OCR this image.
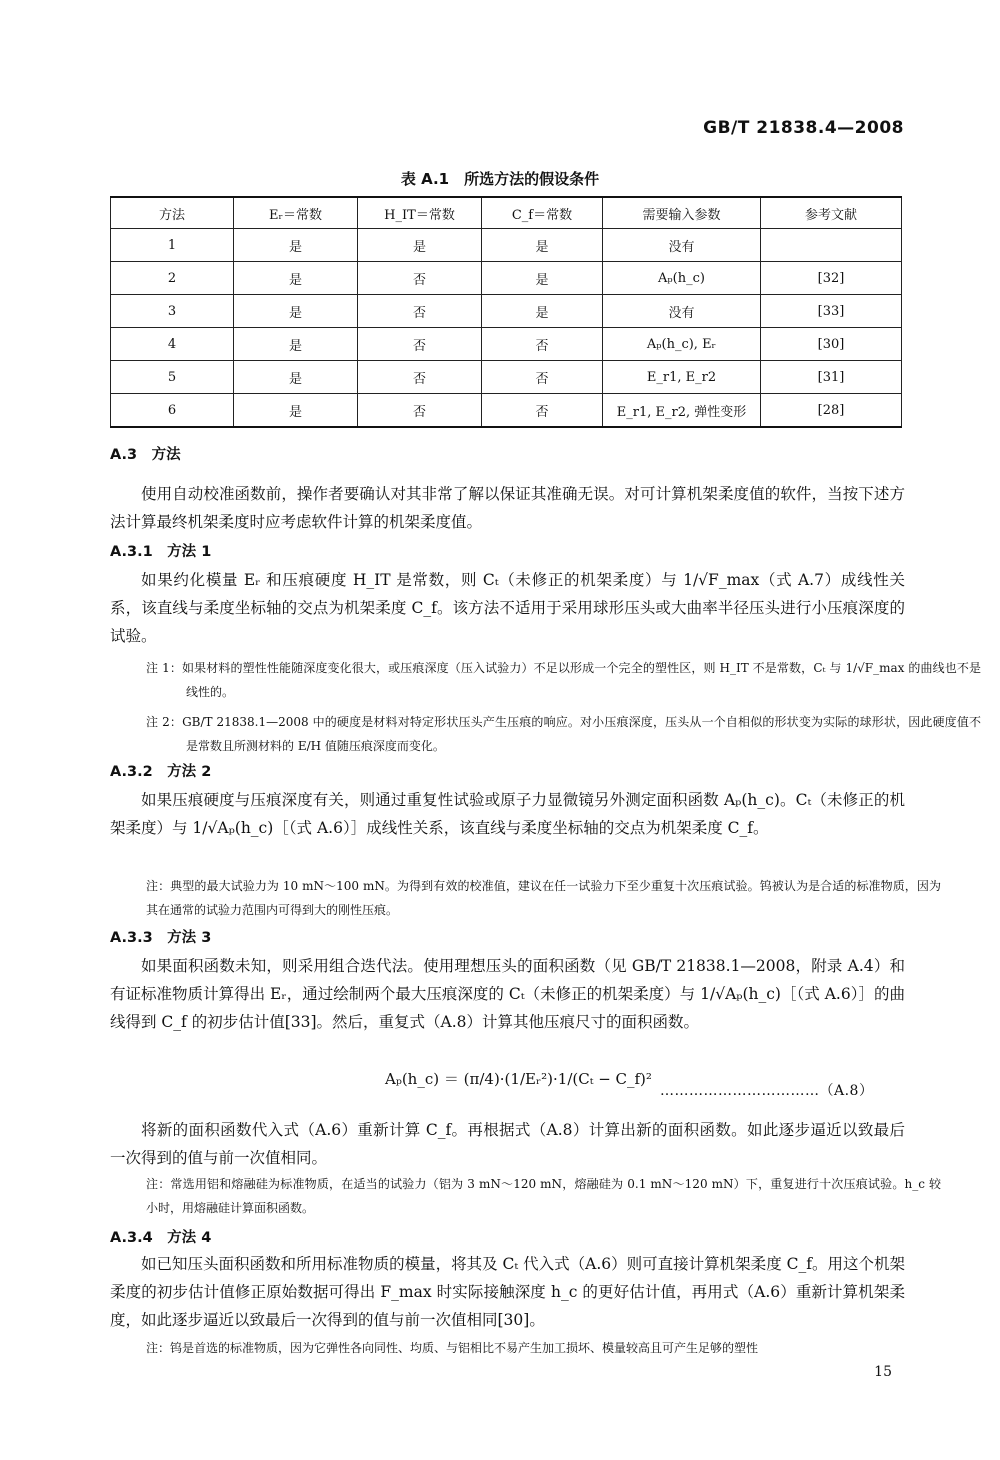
GB/T 21838.4—2008
表 A.1　所选方法的假设条件
方法	Eᵣ＝常数	H_IT＝常数	C_f＝常数	需要输入参数	参考文献
1	是	是	是	没有	
2	是	否	是	Aₚ(h_c)	[32]
3	是	否	是	没有	[33]
4	是	否	否	Aₚ(h_c), Eᵣ	[30]
5	是	否	否	E_r1, E_r2	[31]
6	是	否	否	E_r1, E_r2, 弹性变形	[28]
A.3　方法
使用自动校准函数前，操作者要确认对其非常了解以保证其准确无误。对可计算机架柔度值的软件，当按下述方法计算最终机架柔度时应考虑软件计算的机架柔度值。
A.3.1　方法 1
如果约化模量 Eᵣ 和压痕硬度 H_IT 是常数，则 Cₜ（未修正的机架柔度）与 1/√F_max（式 A.7）成线性关系，该直线与柔度坐标轴的交点为机架柔度 C_f。该方法不适用于采用球形压头或大曲率半径压头进行小压痕深度的试验。
注 1：如果材料的塑性性能随深度变化很大，或压痕深度（压入试验力）不足以形成一个完全的塑性区，则 H_IT 不是常数，Cₜ 与 1/√F_max 的曲线也不是线性的。
注 2：GB/T 21838.1—2008 中的硬度是材料对特定形状压头产生压痕的响应。对小压痕深度，压头从一个自相似的形状变为实际的球形状，因此硬度值不是常数且所测材料的 E/H 值随压痕深度而变化。
A.3.2　方法 2
如果压痕硬度与压痕深度有关，则通过重复性试验或原子力显微镜另外测定面积函数 Aₚ(h_c)。Cₜ（未修正的机架柔度）与 1/√Aₚ(h_c)［（式 A.6）］成线性关系，该直线与柔度坐标轴的交点为机架柔度 C_f。
注：典型的最大试验力为 10 mN～100 mN。为得到有效的校准值，建议在任一试验力下至少重复十次压痕试验。钨被认为是合适的标准物质，因为其在通常的试验力范围内可得到大的刚性压痕。
A.3.3　方法 3
如果面积函数未知，则采用组合迭代法。使用理想压头的面积函数（见 GB/T 21838.1—2008，附录 A.4）和有证标准物质计算得出 Eᵣ，通过绘制两个最大压痕深度的 Cₜ（未修正的机架柔度）与 1/√Aₚ(h_c)［（式 A.6）］的曲线得到 C_f 的初步估计值[33]。然后，重复式（A.8）计算其他压痕尺寸的面积函数。
Aₚ(h_c) ＝ (π/4)·(1/Eᵣ²)·1/(Cₜ − C_f)²
……………………………（A.8）
将新的面积函数代入式（A.6）重新计算 C_f。再根据式（A.8）计算出新的面积函数。如此逐步逼近以致最后一次得到的值与前一次值相同。
注：常选用铝和熔融硅为标准物质，在适当的试验力（铝为 3 mN～120 mN，熔融硅为 0.1 mN～120 mN）下，重复进行十次压痕试验。h_c 较小时，用熔融硅计算面积函数。
A.3.4　方法 4
如已知压头面积函数和所用标准物质的模量，将其及 Cₜ 代入式（A.6）则可直接计算机架柔度 C_f。用这个机架柔度的初步估计值修正原始数据可得出 F_max 时实际接触深度 h_c 的更好估计值，再用式（A.6）重新计算机架柔度，如此逐步逼近以致最后一次得到的值与前一次值相同[30]。
注：钨是首选的标准物质，因为它弹性各向同性、均质、与铝相比不易产生加工损坏、模量较高且可产生足够的塑性
15
